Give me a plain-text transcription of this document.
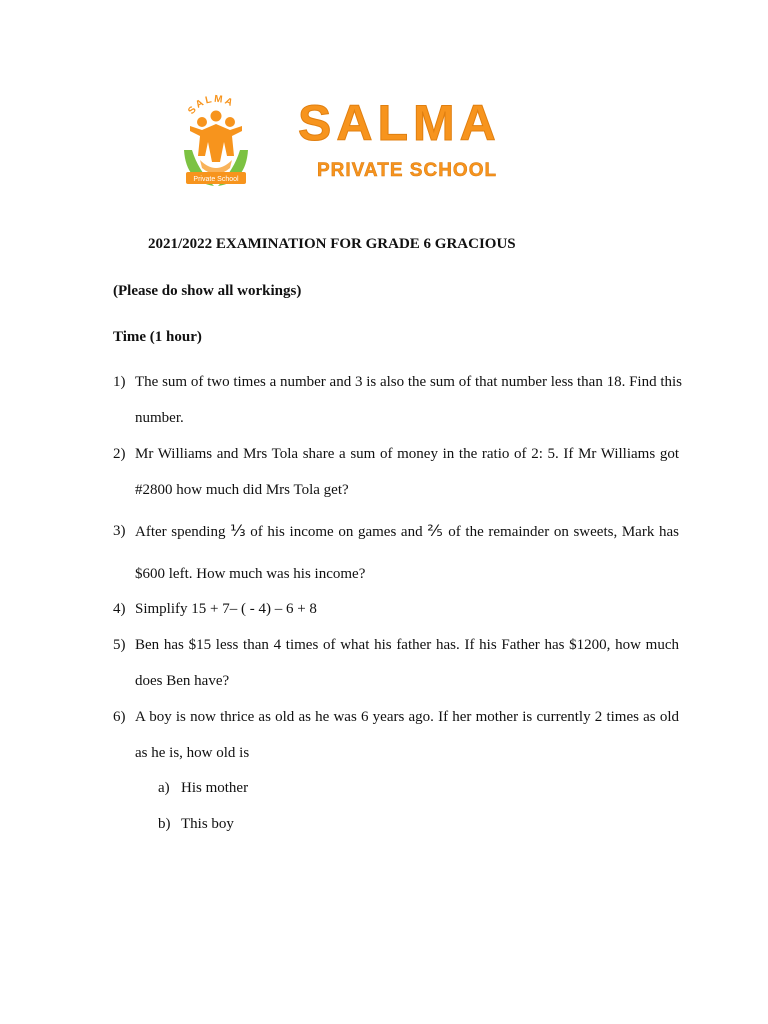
SALMA
Private School
SALMA
PRIVATE SCHOOL
2021/2022 EXAMINATION FOR GRADE 6 GRACIOUS
(Please do show all workings)
Time (1 hour)
1) The sum of two times a number and 3 is also the sum of that number less than 18. Find this
number.
2) Mr Williams and Mrs Tola share a sum of money in the ratio of 2: 5. If Mr Williams got
#2800 how much did Mrs Tola get?
3) After spending ⅓ of his income on games and ⅖ of the remainder on sweets, Mark has
$600 left. How much was his income?
4) Simplify 15 + 7– ( - 4) – 6 + 8
5) Ben has $15 less than 4 times of what his father has. If his Father has $1200, how much
does Ben have?
6) A boy is now thrice as old as he was 6 years ago. If her mother is currently 2 times as old
as he is, how old is
a) His mother
b) This boy
